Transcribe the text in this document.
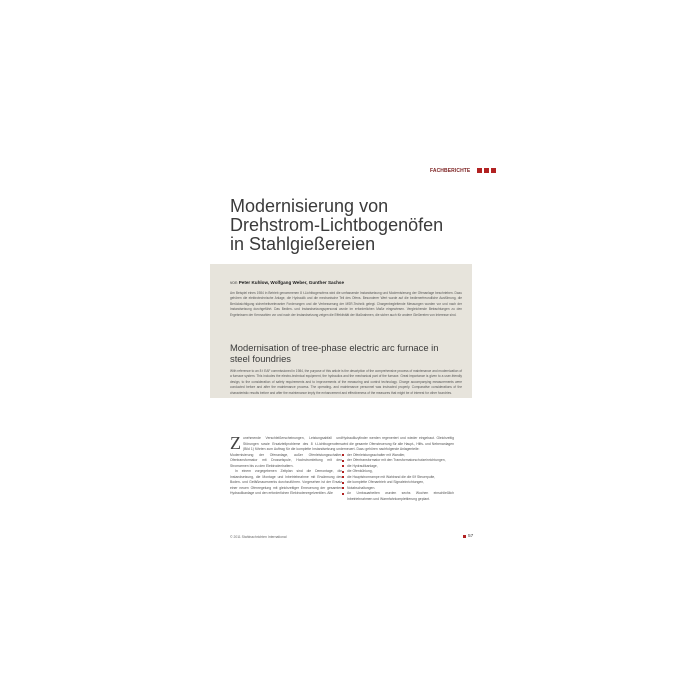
FACHBERICHTE
Modernisierung von
Drehstrom-Lichtbogenöfen
in Stahlgießereien
von Peter Kuhlow, Wolfgang Weber, Gunther Sachse
Am Beispiel eines 1984 in Betrieb genommenen 8 t-Lichtbogenofens wird die umfassende Instandsetzung und Modernisierung der Ofenanlage beschrieben. Dazu gehören die elektrotechnische Anlage, die Hydraulik und die mechanische Teil des Ofens. Besonderer Wert wurde auf die bedienerfreundliche Ausführung, die Berücksichtigung sicherheitsrelevanter Forderungen und die Verbesserung der MSR-Technik gelegt. Chargenbegleitende Messungen wurden vor und nach der Instandsetzung durchgeführt. Das Bedien- und Instandsetzungspersonal wurde im erforderlichen Maße eingewiesen. Vergleichende Betrachtungen zu den Ergebnissen der Kennzahlen vor und nach der Instandsetzung zeigen die Effektivität der Maßnahmen, die sicher auch für andere Gießereien von Interesse sind.
Modernisation of tree-phase electric arc furnace in
steel foundries
With reference to an 8 t EAF commissioned in 1984, the purpose of this article is the description of the comprehensive process of maintenance and modernization of a furnace system. This includes the electro-technical equipment, the hydraulics and the mechanical part of the furnace. Great importance is given to a user-friendly design, to the consideration of safety requirements and to improvements of the measuring and control technology. Charge accompanying measurements were conducted before and after the maintenance process. The operating- and maintenance personnel was instructed properly. Comparative considerations of the characteristic results before and after the maintenance imply the enhancement and effectiveness of the measures that might be of interest for other foundries.
Z unehmende Verschleißerscheinungen, Leistungsabfall und Störungen sowie Ersatzteilprobleme des 8 t-Lichtbogenofens (Bild 1) führten zum Auftrag für die komplette Instandsetzung und Modernisierung der Ofenanlage, außer Ofenleistungsschalter, Ofentransformator mit Drosselspule, Hochstromleitung mit den Stromarmen bis zu den Elektrodenhaltern.
In einem vorgegebenen Zeitplan sind die Demontage, die Instandsetzung, die Montage und Inbetriebnahme mit Erwärmung des Boden- und Gefäßmauerwerks durchzuführen. Vorgesehen ist der Ersatz einer neuen Ofenregelung mit gleichzeitiger Erneuerung der gesamten Hydraulikanlage und den erforderlichen Elektrodenregelventilen. Alle
Hydraulikzylinder werden regeneriert und wieder eingebaut. Gleichzeitig wird die gesamte Ofensteuerung für alle Haupt-, Hilfs- und Nebenanlagen erneuert. Dazu gehören nachfolgende Anlagenteile:
der Ofenleistungsschalter mit Wandler,
der Ofentransformator mit den Transformatorschutzeinrichtungen,
die Hydraulikanlage,
die Ofenkühlung,
die Hauptstromrampe mit Wahlrand die die 0/f Steuerpulte,
die komplette Ofenantrieb und Signaleinrichtungen,
Notabschaltungen.
An Umbauarbeiten wurden sechs Wochen einschließlich Inbetriebnahmen und Warmfahrkomplettierung geplant.
© 2011 Stahlnachrichten International	57
